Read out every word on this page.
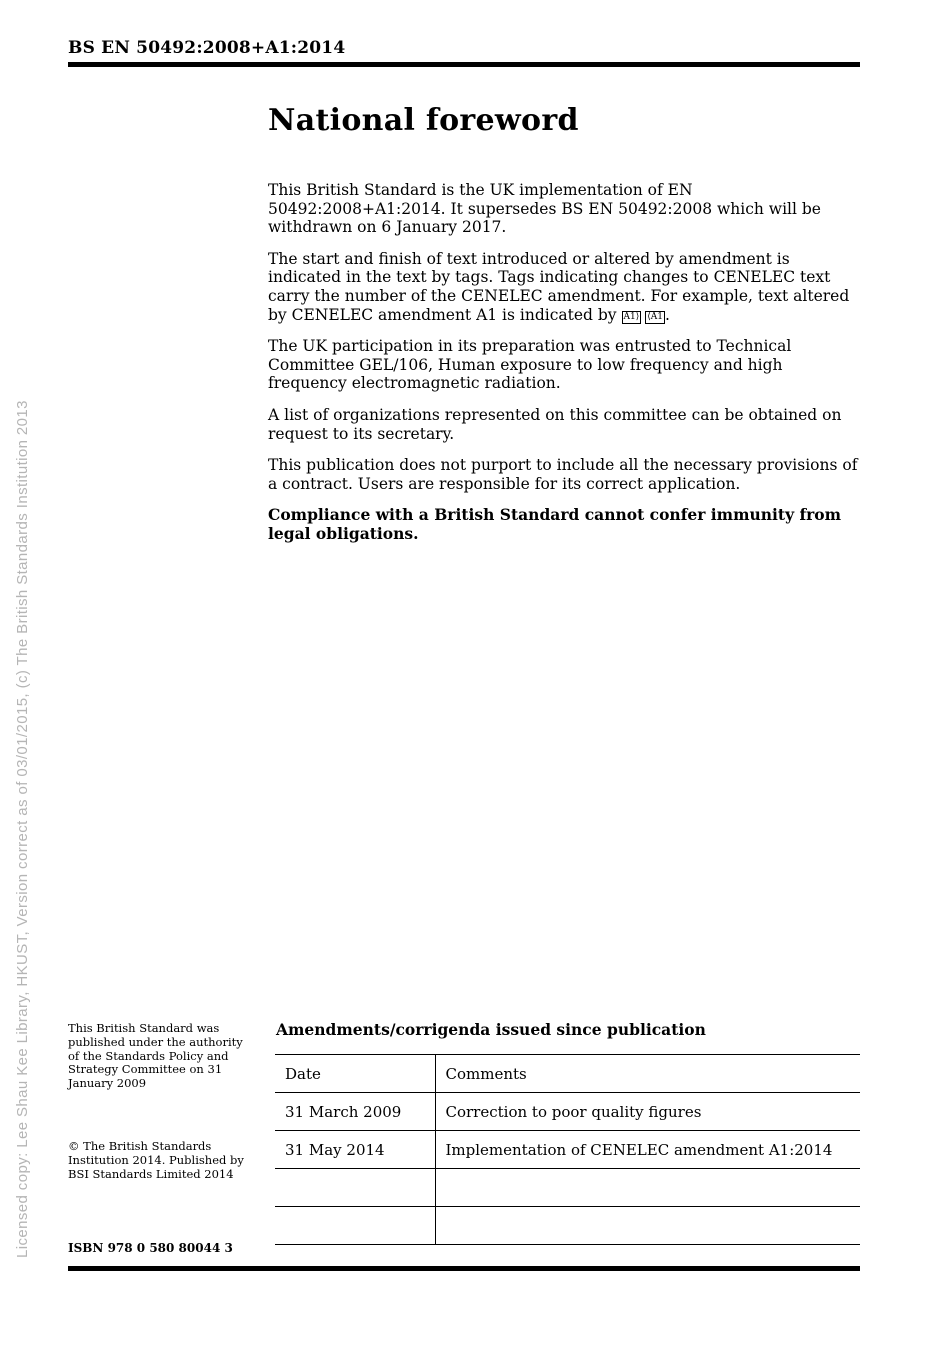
Licensed copy: Lee Shau Kee Library, HKUST, Version correct as of 03/01/2015, (c) The British Standards Institution 2013
BS EN 50492:2008+A1:2014
National foreword

This British Standard is the UK implementation of EN 50492:2008+A1:2014. It supersedes BS EN 50492:2008 which will be withdrawn on 6 January 2017.

The start and finish of text introduced or altered by amendment is indicated in the text by tags. Tags indicating changes to CENELEC text carry the number of the CENELEC amendment. For example, text altered by CENELEC amendment A1 is indicated by A1⟩ ⟨A1 .

The UK participation in its preparation was entrusted to Technical Committee GEL/106, Human exposure to low frequency and high frequency electromagnetic radiation.

A list of organizations represented on this committee can be obtained on request to its secretary.

This publication does not purport to include all the necessary provisions of a contract. Users are responsible for its correct application.

Compliance with a British Standard cannot confer immunity from legal obligations.

This British Standard was published under the authority of the Standards Policy and Strategy Committee on 31 January 2009
© The British Standards Institution 2014. Published by BSI Standards Limited 2014
ISBN 978 0 580 80044 3
Amendments/corrigenda issued since publication
Date	Comments
31 March 2009	Correction to poor quality figures
31 May 2014	Implementation of CENELEC amendment A1:2014
